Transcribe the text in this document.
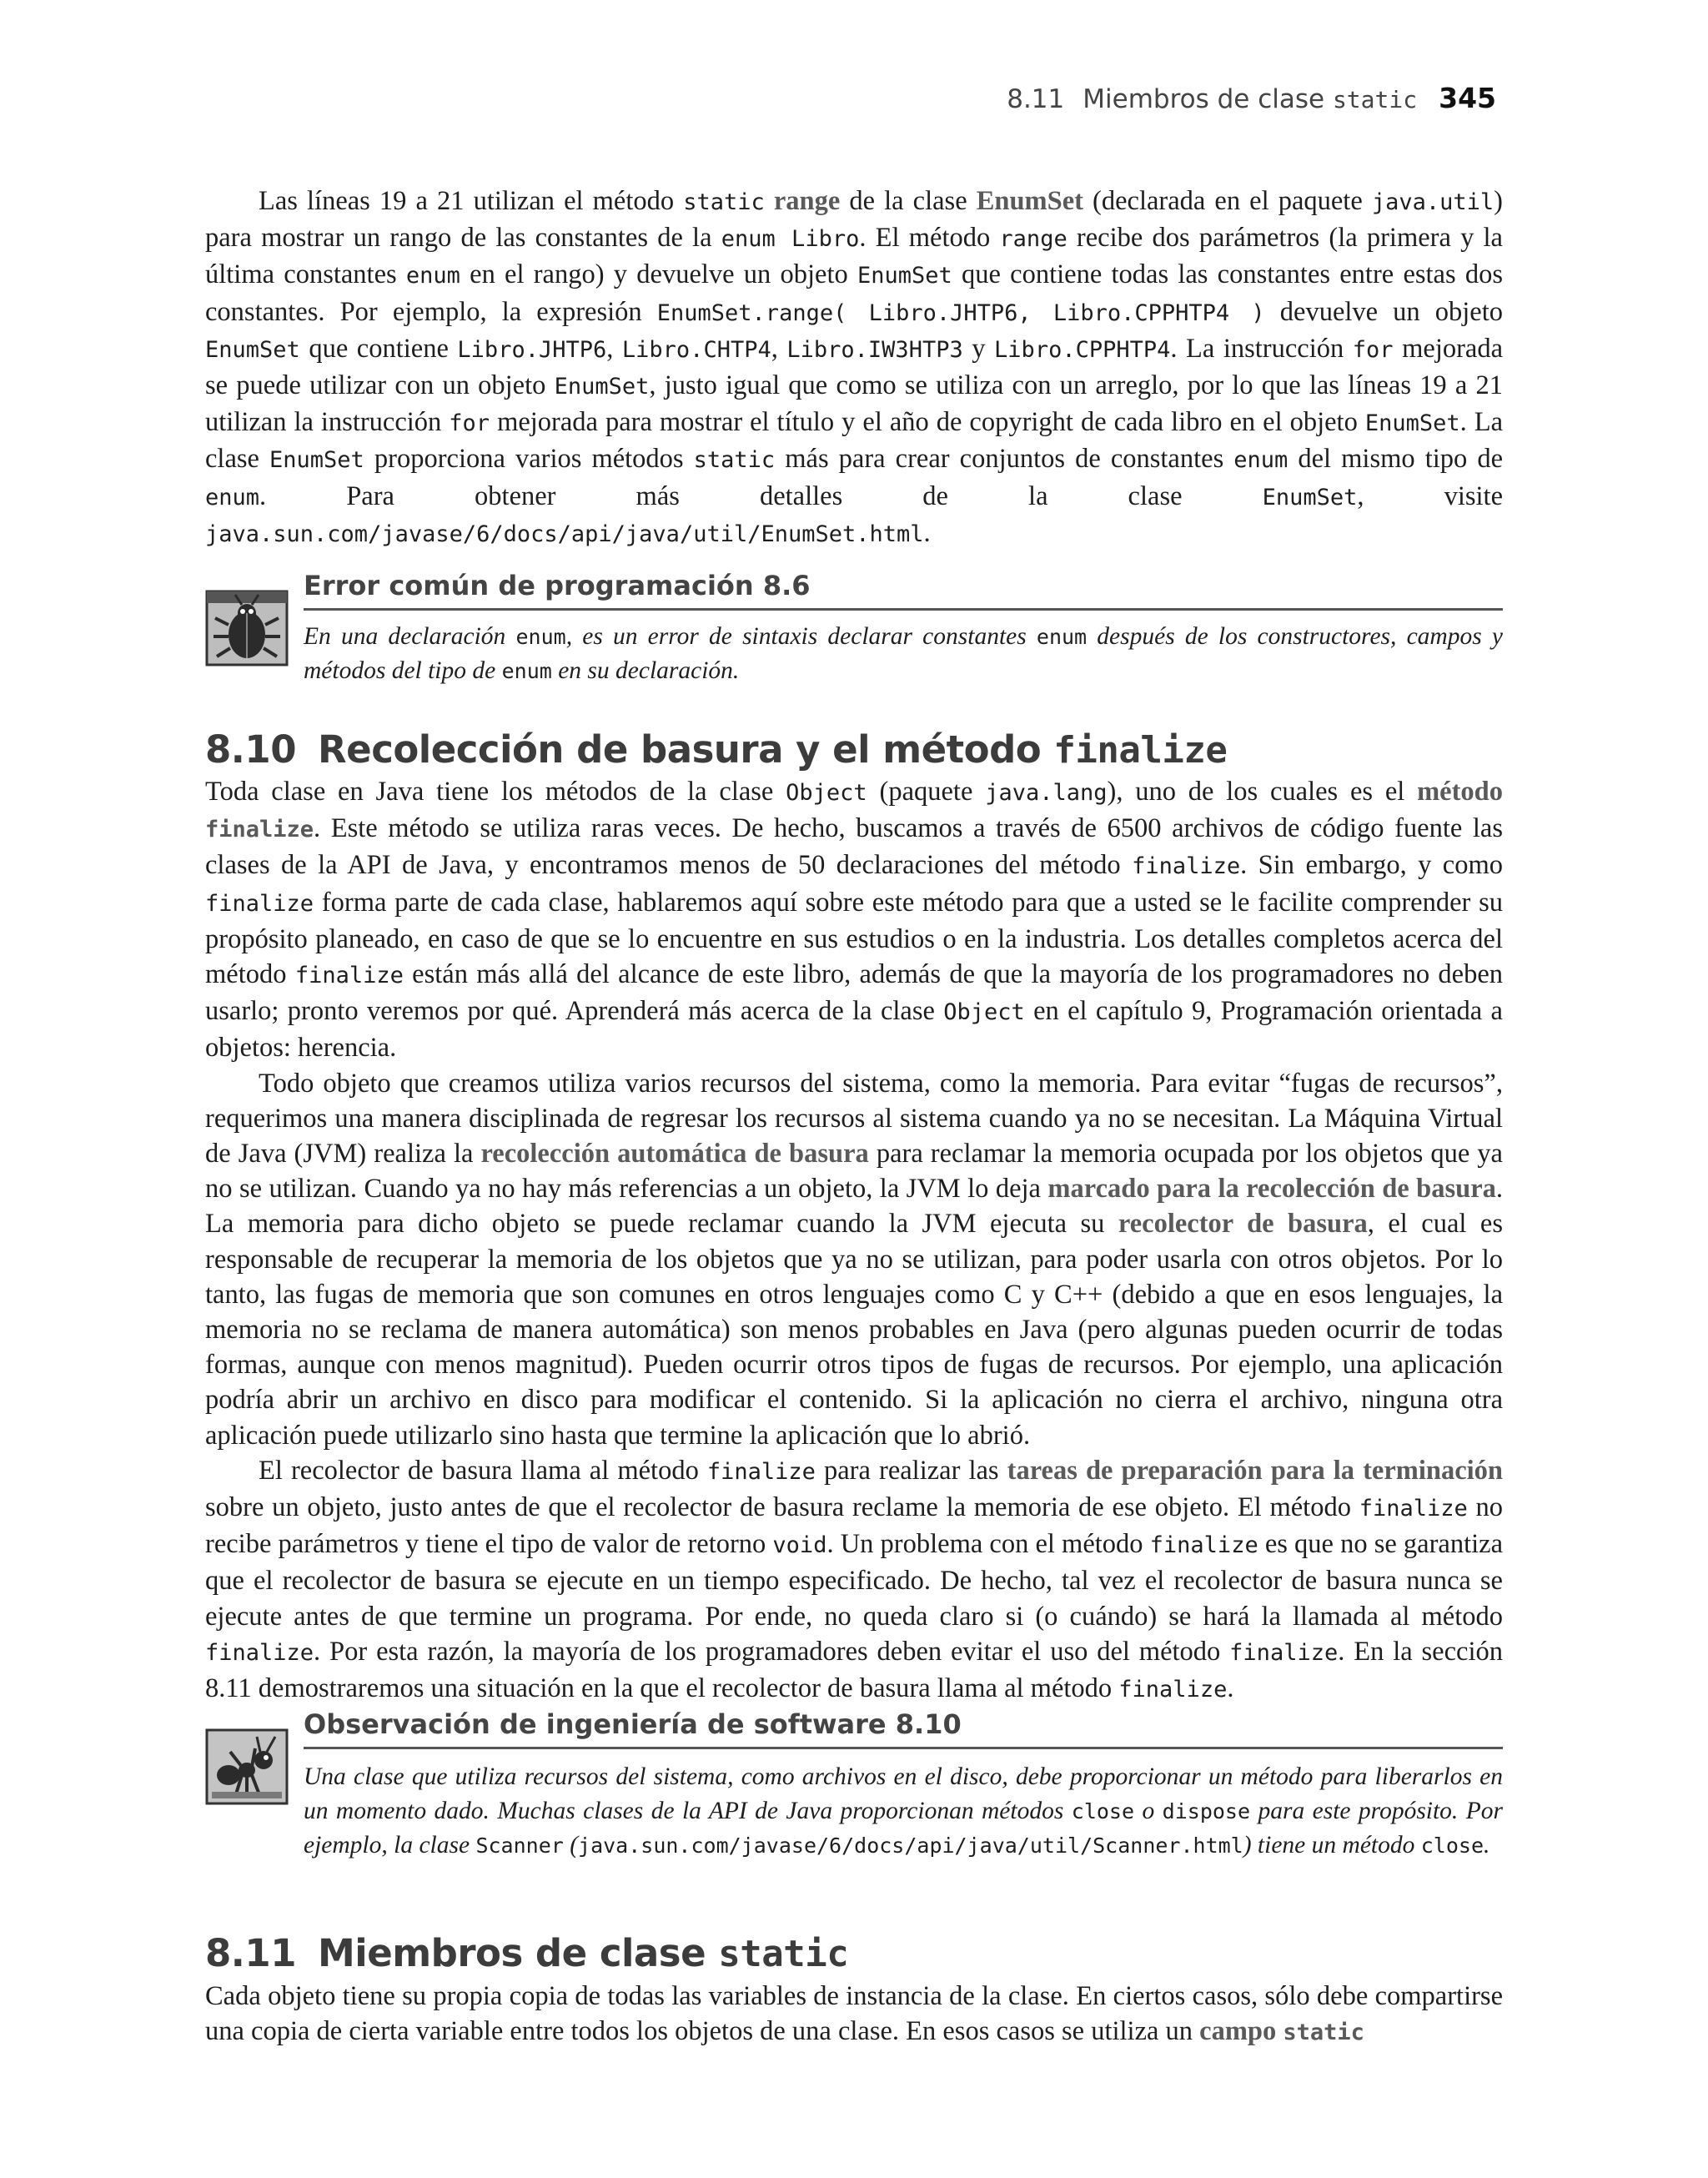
8.11 Miembros de clase static 345

Las líneas 19 a 21 utilizan el método static range de la clase EnumSet (declarada en el paquete java.util) para mostrar un rango de las constantes de la enum Libro. El método range recibe dos parámetros (la primera y la última constantes enum en el rango) y devuelve un objeto EnumSet que contiene todas las constantes entre estas dos constantes. Por ejemplo, la expresión EnumSet.range( Libro.JHTP6, Libro.CPPHTP4 ) devuelve un objeto EnumSet que contiene Libro.JHTP6, Libro.CHTP4, Libro.IW3HTP3 y Libro.CPPHTP4. La instrucción for mejorada se puede utilizar con un objeto EnumSet, justo igual que como se utiliza con un arreglo, por lo que las líneas 19 a 21 utilizan la instrucción for mejorada para mostrar el título y el año de copyright de cada libro en el objeto EnumSet. La clase EnumSet proporciona varios métodos static más para crear conjuntos de constantes enum del mismo tipo de enum. Para obtener más detalles de la clase EnumSet, visite java.sun.com/javase/6/docs/api/java/util/EnumSet.html.

Error común de programación 8.6
En una declaración enum, es un error de sintaxis declarar constantes enum después de los constructores, campos y métodos del tipo de enum en su declaración.
8.10 Recolección de basura y el método finalize

Toda clase en Java tiene los métodos de la clase Object (paquete java.lang), uno de los cuales es el método finalize. Este método se utiliza raras veces. De hecho, buscamos a través de 6500 archivos de código fuente las clases de la API de Java, y encontramos menos de 50 declaraciones del método finalize. Sin embargo, y como finalize forma parte de cada clase, hablaremos aquí sobre este método para que a usted se le facilite comprender su propósito planeado, en caso de que se lo encuentre en sus estudios o en la industria. Los detalles completos acerca del método finalize están más allá del alcance de este libro, además de que la mayoría de los programadores no deben usarlo; pronto veremos por qué. Aprenderá más acerca de la clase Object en el capítulo 9, Programación orientada a objetos: herencia.

Todo objeto que creamos utiliza varios recursos del sistema, como la memoria. Para evitar “fugas de recursos”, requerimos una manera disciplinada de regresar los recursos al sistema cuando ya no se necesitan. La Máquina Virtual de Java (JVM) realiza la recolección automática de basura para reclamar la memoria ocupada por los objetos que ya no se utilizan. Cuando ya no hay más referencias a un objeto, la JVM lo deja marcado para la recolección de basura. La memoria para dicho objeto se puede reclamar cuando la JVM ejecuta su recolector de basura, el cual es responsable de recuperar la memoria de los objetos que ya no se utilizan, para poder usarla con otros objetos. Por lo tanto, las fugas de memoria que son comunes en otros lenguajes como C y C++ (debido a que en esos lenguajes, la memoria no se reclama de manera automática) son menos probables en Java (pero algunas pueden ocurrir de todas formas, aunque con menos magnitud). Pueden ocurrir otros tipos de fugas de recursos. Por ejemplo, una aplicación podría abrir un archivo en disco para modificar el contenido. Si la aplicación no cierra el archivo, ninguna otra aplicación puede utilizarlo sino hasta que termine la aplicación que lo abrió.

El recolector de basura llama al método finalize para realizar las tareas de preparación para la terminación sobre un objeto, justo antes de que el recolector de basura reclame la memoria de ese objeto. El método finalize no recibe parámetros y tiene el tipo de valor de retorno void. Un problema con el método finalize es que no se garantiza que el recolector de basura se ejecute en un tiempo especificado. De hecho, tal vez el recolector de basura nunca se ejecute antes de que termine un programa. Por ende, no queda claro si (o cuándo) se hará la llamada al método finalize. Por esta razón, la mayoría de los programadores deben evitar el uso del método finalize. En la sección 8.11 demostraremos una situación en la que el recolector de basura llama al método finalize.

Observación de ingeniería de software 8.10
Una clase que utiliza recursos del sistema, como archivos en el disco, debe proporcionar un método para liberarlos en un momento dado. Muchas clases de la API de Java proporcionan métodos close o dispose para este propósito. Por ejemplo, la clase Scanner (java.sun.com/javase/6/docs/api/java/util/Scanner.html) tiene un método close.
8.11 Miembros de clase static

Cada objeto tiene su propia copia de todas las variables de instancia de la clase. En ciertos casos, sólo debe compartirse una copia de cierta variable entre todos los objetos de una clase. En esos casos se utiliza un campo static
